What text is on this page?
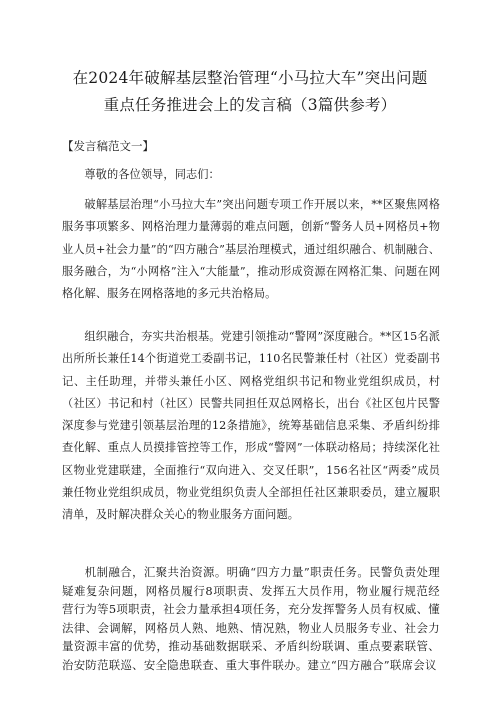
在2024年破解基层整治管理“小马拉大车”突出问题
重点任务推进会上的发言稿（3篇供参考）
【发言稿范文一】

尊敬的各位领导，同志们：

破解基层治理“小马拉大车”突出问题专项工作开展以来，**区聚焦网格服务事项繁多、网格治理力量薄弱的难点问题，创新“警务人员+网格员+物业人员+社会力量”的“四方融合”基层治理模式，通过组织融合、机制融合、服务融合，为“小网格”注入“大能量”，推动形成资源在网格汇集、问题在网格化解、服务在网格落地的多元共治格局。

组织融合，夯实共治根基。党建引领推动“警网”深度融合。**区15名派出所所长兼任14个街道党工委副书记，110名民警兼任村（社区）党委副书记、主任助理，并带头兼任小区、网格党组织书记和物业党组织成员，村（社区）书记和村（社区）民警共同担任双总网格长，出台《社区包片民警深度参与党建引领基层治理的12条措施》，统筹基础信息采集、矛盾纠纷排查化解、重点人员摸排管控等工作，形成“警网”一体联动格局；持续深化社区物业党建联建，全面推行“双向进入、交叉任职”，156名社区“两委”成员兼任物业党组织成员，物业党组织负责人全部担任社区兼职委员，建立履职清单，及时解决群众关心的物业服务方面问题。

机制融合，汇聚共治资源。明确“四方力量”职责任务。民警负责处理疑难复杂问题，网格员履行8项职责、发挥五大员作用，物业履行规范经营行为等5项职责，社会力量承担4项任务，充分发挥警务人员有权威、懂法律、会调解，网格员人熟、地熟、情况熟，物业人员服务专业、社会力量资源丰富的优势，推动基础数据联采、矛盾纠纷联调、重点要素联管、治安防范联巡、安全隐患联查、重大事件联办。建立“四方融合”联席会议
